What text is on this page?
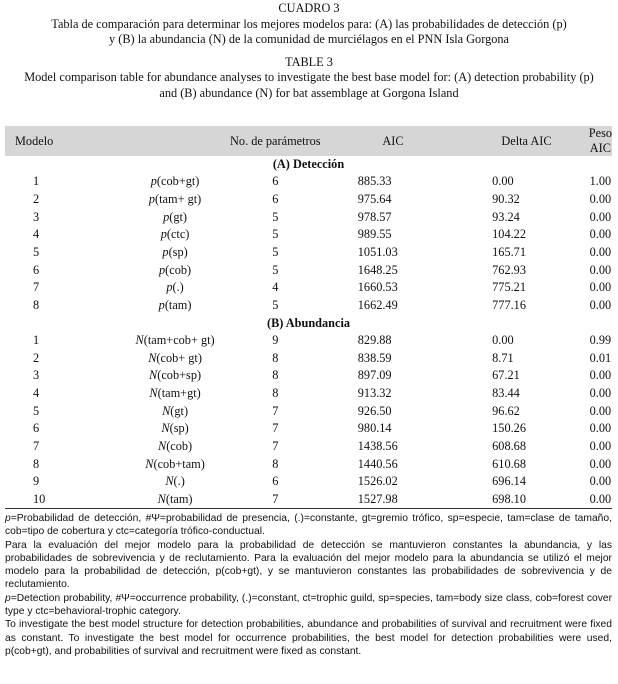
CUADRO 3
Tabla de comparación para determinar los mejores modelos para: (A) las probabilidades de detección (p)
y (B) la abundancia (N) de la comunidad de murciélagos en el PNN Isla Gorgona
TABLE 3
Model comparison table for abundance analyses to investigate the best base model for: (A) detection probability (p)
and (B) abundance (N) for bat assemblage at Gorgona Island
Modelo		No. de parámetros	AIC	Delta AIC	Peso AIC
(A) Detección					
1	p(cob+gt)	6	885.33	0.00	1.00
2	p(tam+ gt)	6	975.64	90.32	0.00
3	p(gt)	5	978.57	93.24	0.00
4	p(ctc)	5	989.55	104.22	0.00
5	p(sp)	5	1051.03	165.71	0.00
6	p(cob)	5	1648.25	762.93	0.00
7	p(.)	4	1660.53	775.21	0.00
8	p(tam)	5	1662.49	777.16	0.00
(B) Abundancia					
1	N(tam+cob+ gt)	9	829.88	0.00	0.99
2	N(cob+ gt)	8	838.59	8.71	0.01
3	N(cob+sp)	8	897.09	67.21	0.00
4	N(tam+gt)	8	913.32	83.44	0.00
5	N(gt)	7	926.50	96.62	0.00
6	N(sp)	7	980.14	150.26	0.00
7	N(cob)	7	1438.56	608.68	0.00
8	N(cob+tam)	8	1440.56	610.68	0.00
9	N(.)	6	1526.02	696.14	0.00
10	N(tam)	7	1527.98	698.10	0.00

p=Probabilidad de detección, #Ψ=probabilidad de presencia, (.)=constante, gt=gremio trófico, sp=especie, tam=clase de tamaño, cob=tipo de cobertura y ctc=categoría trófico-conductual.

Para la evaluación del mejor modelo para la probabilidad de detección se mantuvieron constantes la abundancia, y las probabilidades de sobrevivencia y de reclutamiento. Para la evaluación del mejor modelo para la abundancia se utilizó el mejor modelo para la probabilidad de detección, p(cob+gt), y se mantuvieron constantes las probabilidades de sobrevivencia y de reclutamiento.

p=Detection probability, #Ψ=occurrence probability, (.)=constant, ct=trophic guild, sp=species, tam=body size class, cob=forest cover type y ctc=behavioral-trophic category.

To investigate the best model structure for detection probabilities, abundance and probabilities of survival and recruitment were fixed as constant. To investigate the best model for occurrence probabilities, the best model for detection probabilities were used, p(cob+gt), and probabilities of survival and recruitment were fixed as constant.
